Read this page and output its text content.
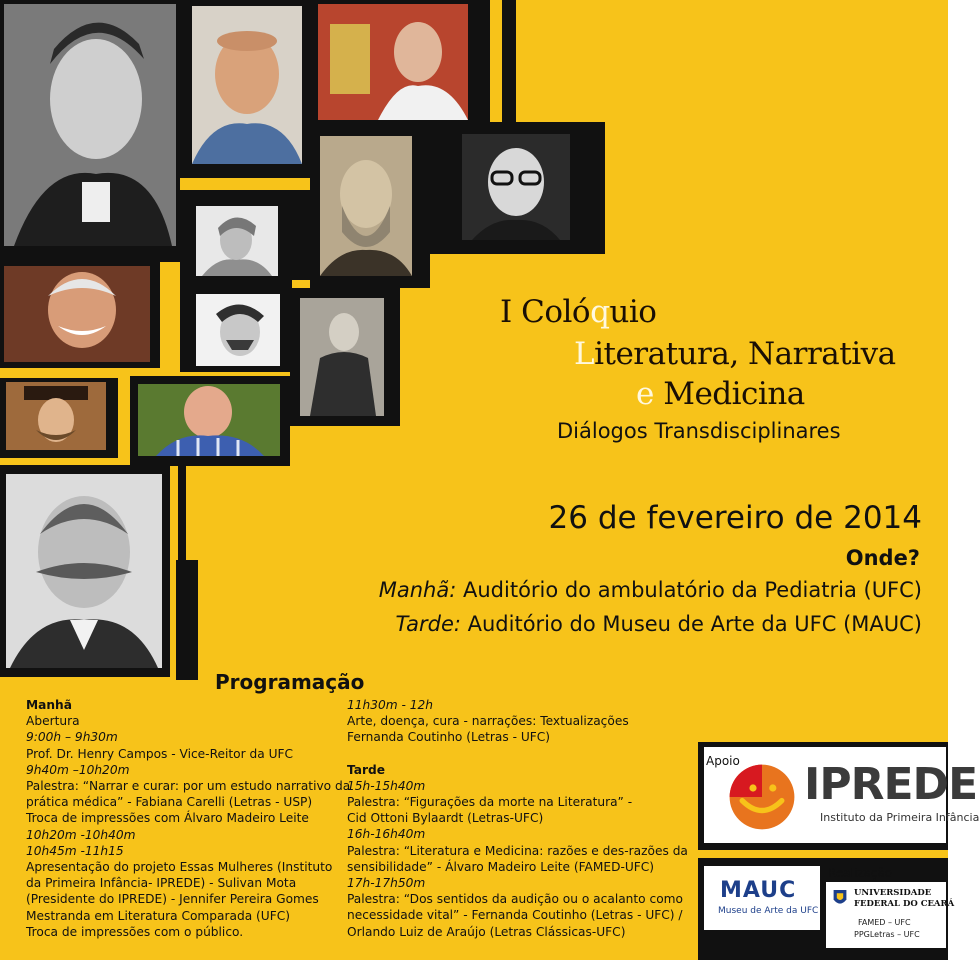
I Colóquio
Literatura, Narrativa
e Medicina
Diálogos Transdisciplinares
26 de fevereiro de 2014
Onde?
Manhã: Auditório do ambulatório da Pediatria (UFC)
Tarde: Auditório do Museu de Arte da UFC (MAUC)
Programação
Manhã
Abertura
9:00h – 9h30m
Prof. Dr. Henry Campos - Vice-Reitor da UFC
9h40m –10h20m
Palestra: “Narrar e curar: por um estudo narrativo da
prática médica” - Fabiana Carelli (Letras - USP)
Troca de impressões com Álvaro Madeiro Leite
10h20m -10h40m
10h45m -11h15
Apresentação do projeto Essas Mulheres (Instituto
da Primeira Infância- IPREDE) - Sulivan Mota
(Presidente do IPREDE) - Jennifer Pereira Gomes
Mestranda em Literatura Comparada (UFC)
Troca de impressões com o público.
11h30m - 12h
Arte, doença, cura - narrações: Textualizações
Fernanda Coutinho (Letras - UFC)
Tarde
15h-15h40m
Palestra: “Figurações da morte na Literatura” -
Cid Ottoni Bylaardt (Letras-UFC)
16h-16h40m
Palestra: “Literatura e Medicina: razões e des-razões da
sensibilidade” - Álvaro Madeiro Leite (FAMED-UFC)
17h-17h50m
Palestra: “Dos sentidos da audição ou o acalanto como
necessidade vital” - Fernanda Coutinho (Letras - UFC) /
Orlando Luiz de Araújo (Letras Clássicas-UFC)
IPREDE
Instituto da Primeira Infância
Apoio
MAUC
Museu de Arte da UFC
Realização
UNIVERSIDADE
FEDERAL DO CEARÁ
FAMED – UFC
PPGLetras – UFC
